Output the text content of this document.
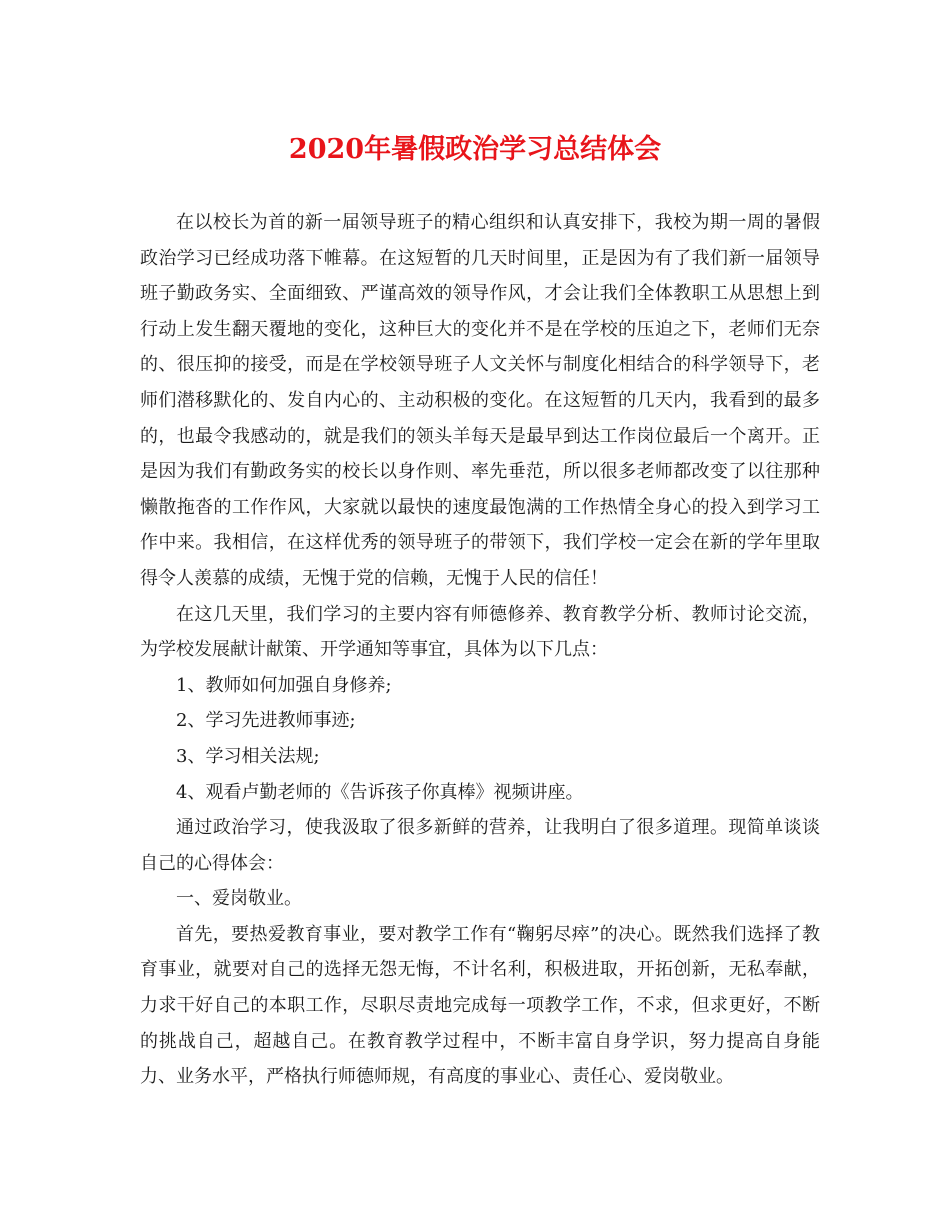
2020年暑假政治学习总结体会

在以校长为首的新一届领导班子的精心组织和认真安排下，我校为期一周的暑假政治学习已经成功落下帷幕。在这短暂的几天时间里，正是因为有了我们新一届领导班子勤政务实、全面细致、严谨高效的领导作风，才会让我们全体教职工从思想上到行动上发生翻天覆地的变化，这种巨大的变化并不是在学校的压迫之下，老师们无奈的、很压抑的接受，而是在学校领导班子人文关怀与制度化相结合的科学领导下，老师们潜移默化的、发自内心的、主动积极的变化。在这短暂的几天内，我看到的最多的，也最令我感动的，就是我们的领头羊每天是最早到达工作岗位最后一个离开。正是因为我们有勤政务实的校长以身作则、率先垂范，所以很多老师都改变了以往那种懒散拖沓的工作作风，大家就以最快的速度最饱满的工作热情全身心的投入到学习工作中来。我相信，在这样优秀的领导班子的带领下，我们学校一定会在新的学年里取得令人羡慕的成绩，无愧于党的信赖，无愧于人民的信任！

在这几天里，我们学习的主要内容有师德修养、教育教学分析、教师讨论交流，为学校发展献计献策、开学通知等事宜，具体为以下几点：

1、教师如何加强自身修养;

2、学习先进教师事迹;

3、学习相关法规;

4、观看卢勤老师的《告诉孩子你真棒》视频讲座。

通过政治学习，使我汲取了很多新鲜的营养，让我明白了很多道理。现简单谈谈自己的心得体会：

一、爱岗敬业。

首先，要热爱教育事业，要对教学工作有“鞠躬尽瘁”的决心。既然我们选择了教育事业，就要对自己的选择无怨无悔，不计名利，积极进取，开拓创新，无私奉献，力求干好自己的本职工作，尽职尽责地完成每一项教学工作，不求，但求更好，不断的挑战自己，超越自己。在教育教学过程中，不断丰富自身学识，努力提高自身能力、业务水平，严格执行师德师规，有高度的事业心、责任心、爱岗敬业。
